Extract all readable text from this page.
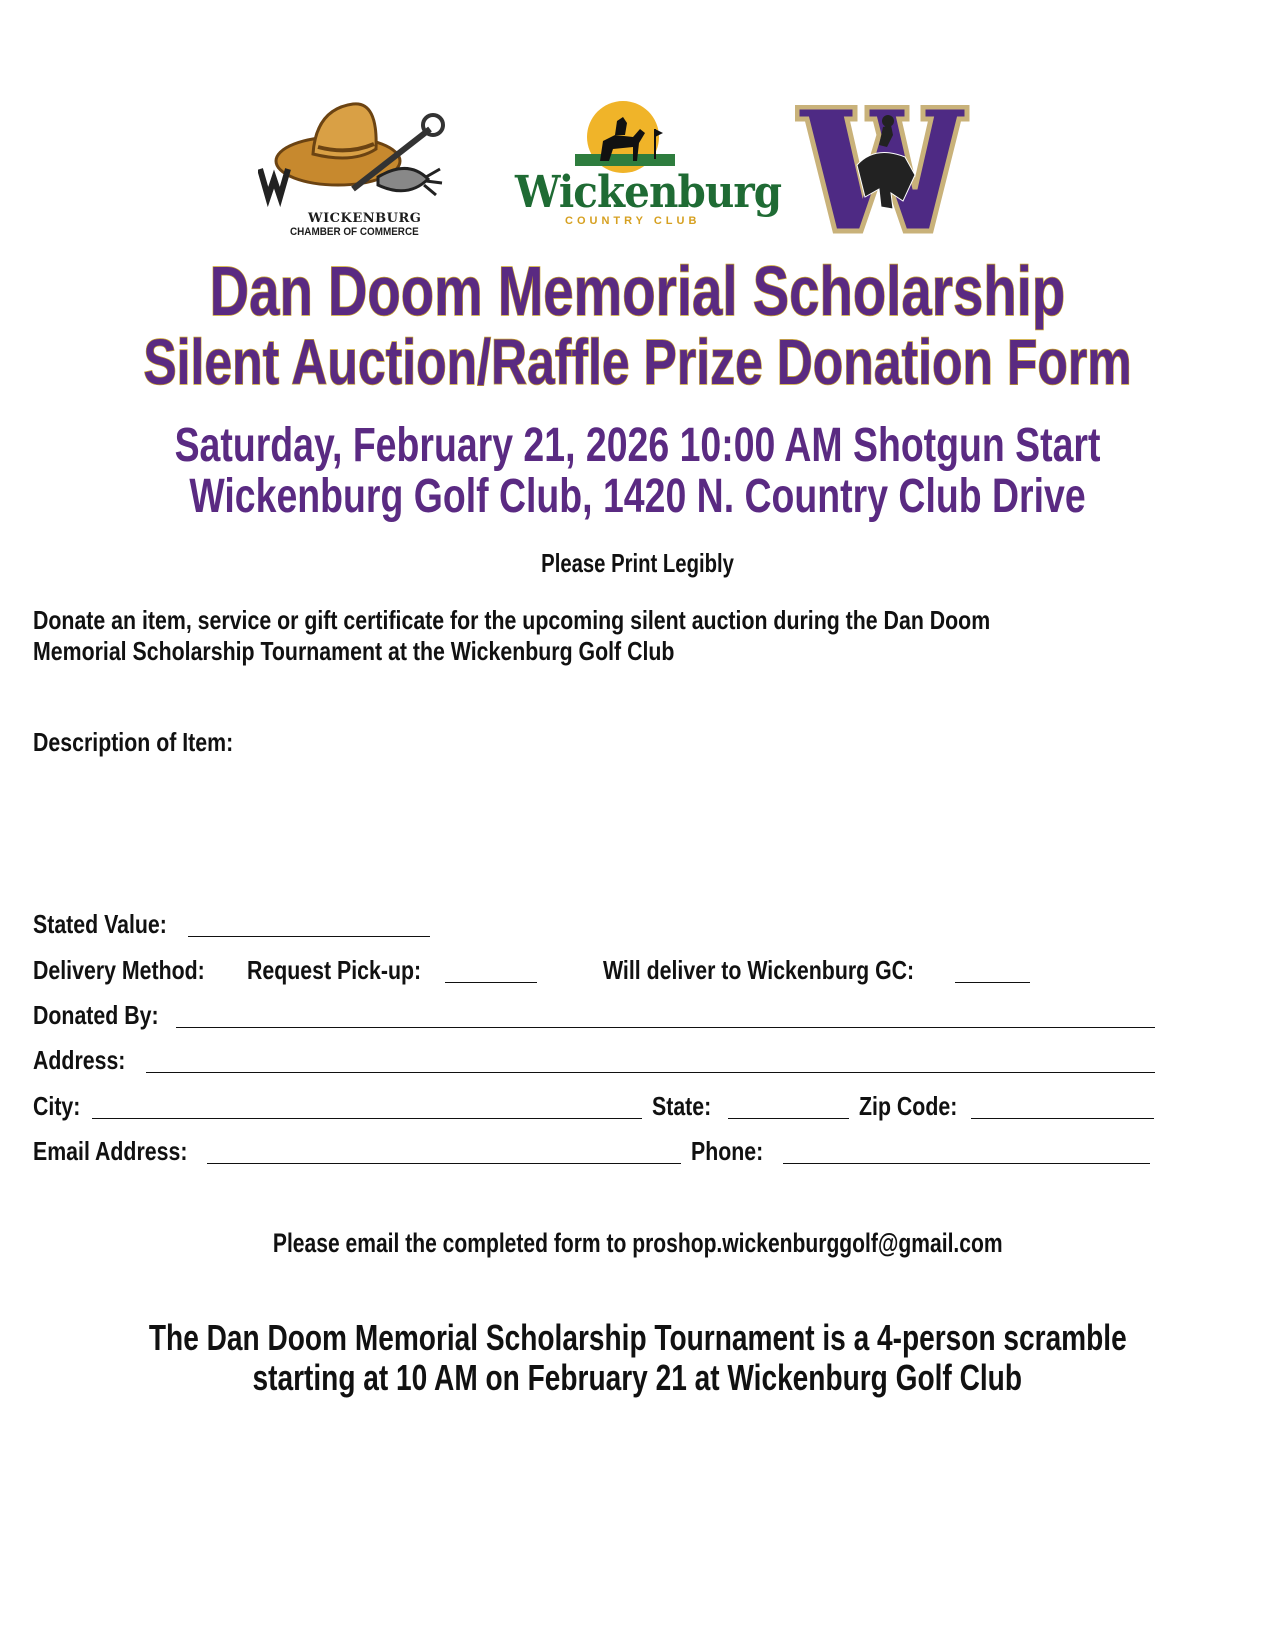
WICKENBURG
CHAMBER OF COMMERCE
Wickenburg
COUNTRY CLUB
Dan Doom Memorial Scholarship
Silent Auction/Raffle Prize Donation Form
Saturday, February 21, 2026 10:00 AM Shotgun Start
Wickenburg Golf Club, 1420 N. Country Club Drive
Please Print Legibly
Donate an item, service or gift certificate for the upcoming silent auction during the Dan Doom
Memorial Scholarship Tournament at the Wickenburg Golf Club
Description of Item:
Stated Value:
Delivery Method: Request Pick-up:	Will deliver to Wickenburg GC:
Donated By:
Address:
City:	State:	Zip Code:
Email Address:	Phone:
Please email the completed form to proshop.wickenburggolf@gmail.com
The Dan Doom Memorial Scholarship Tournament is a 4-person scramble
starting at 10 AM on February 21 at Wickenburg Golf Club
